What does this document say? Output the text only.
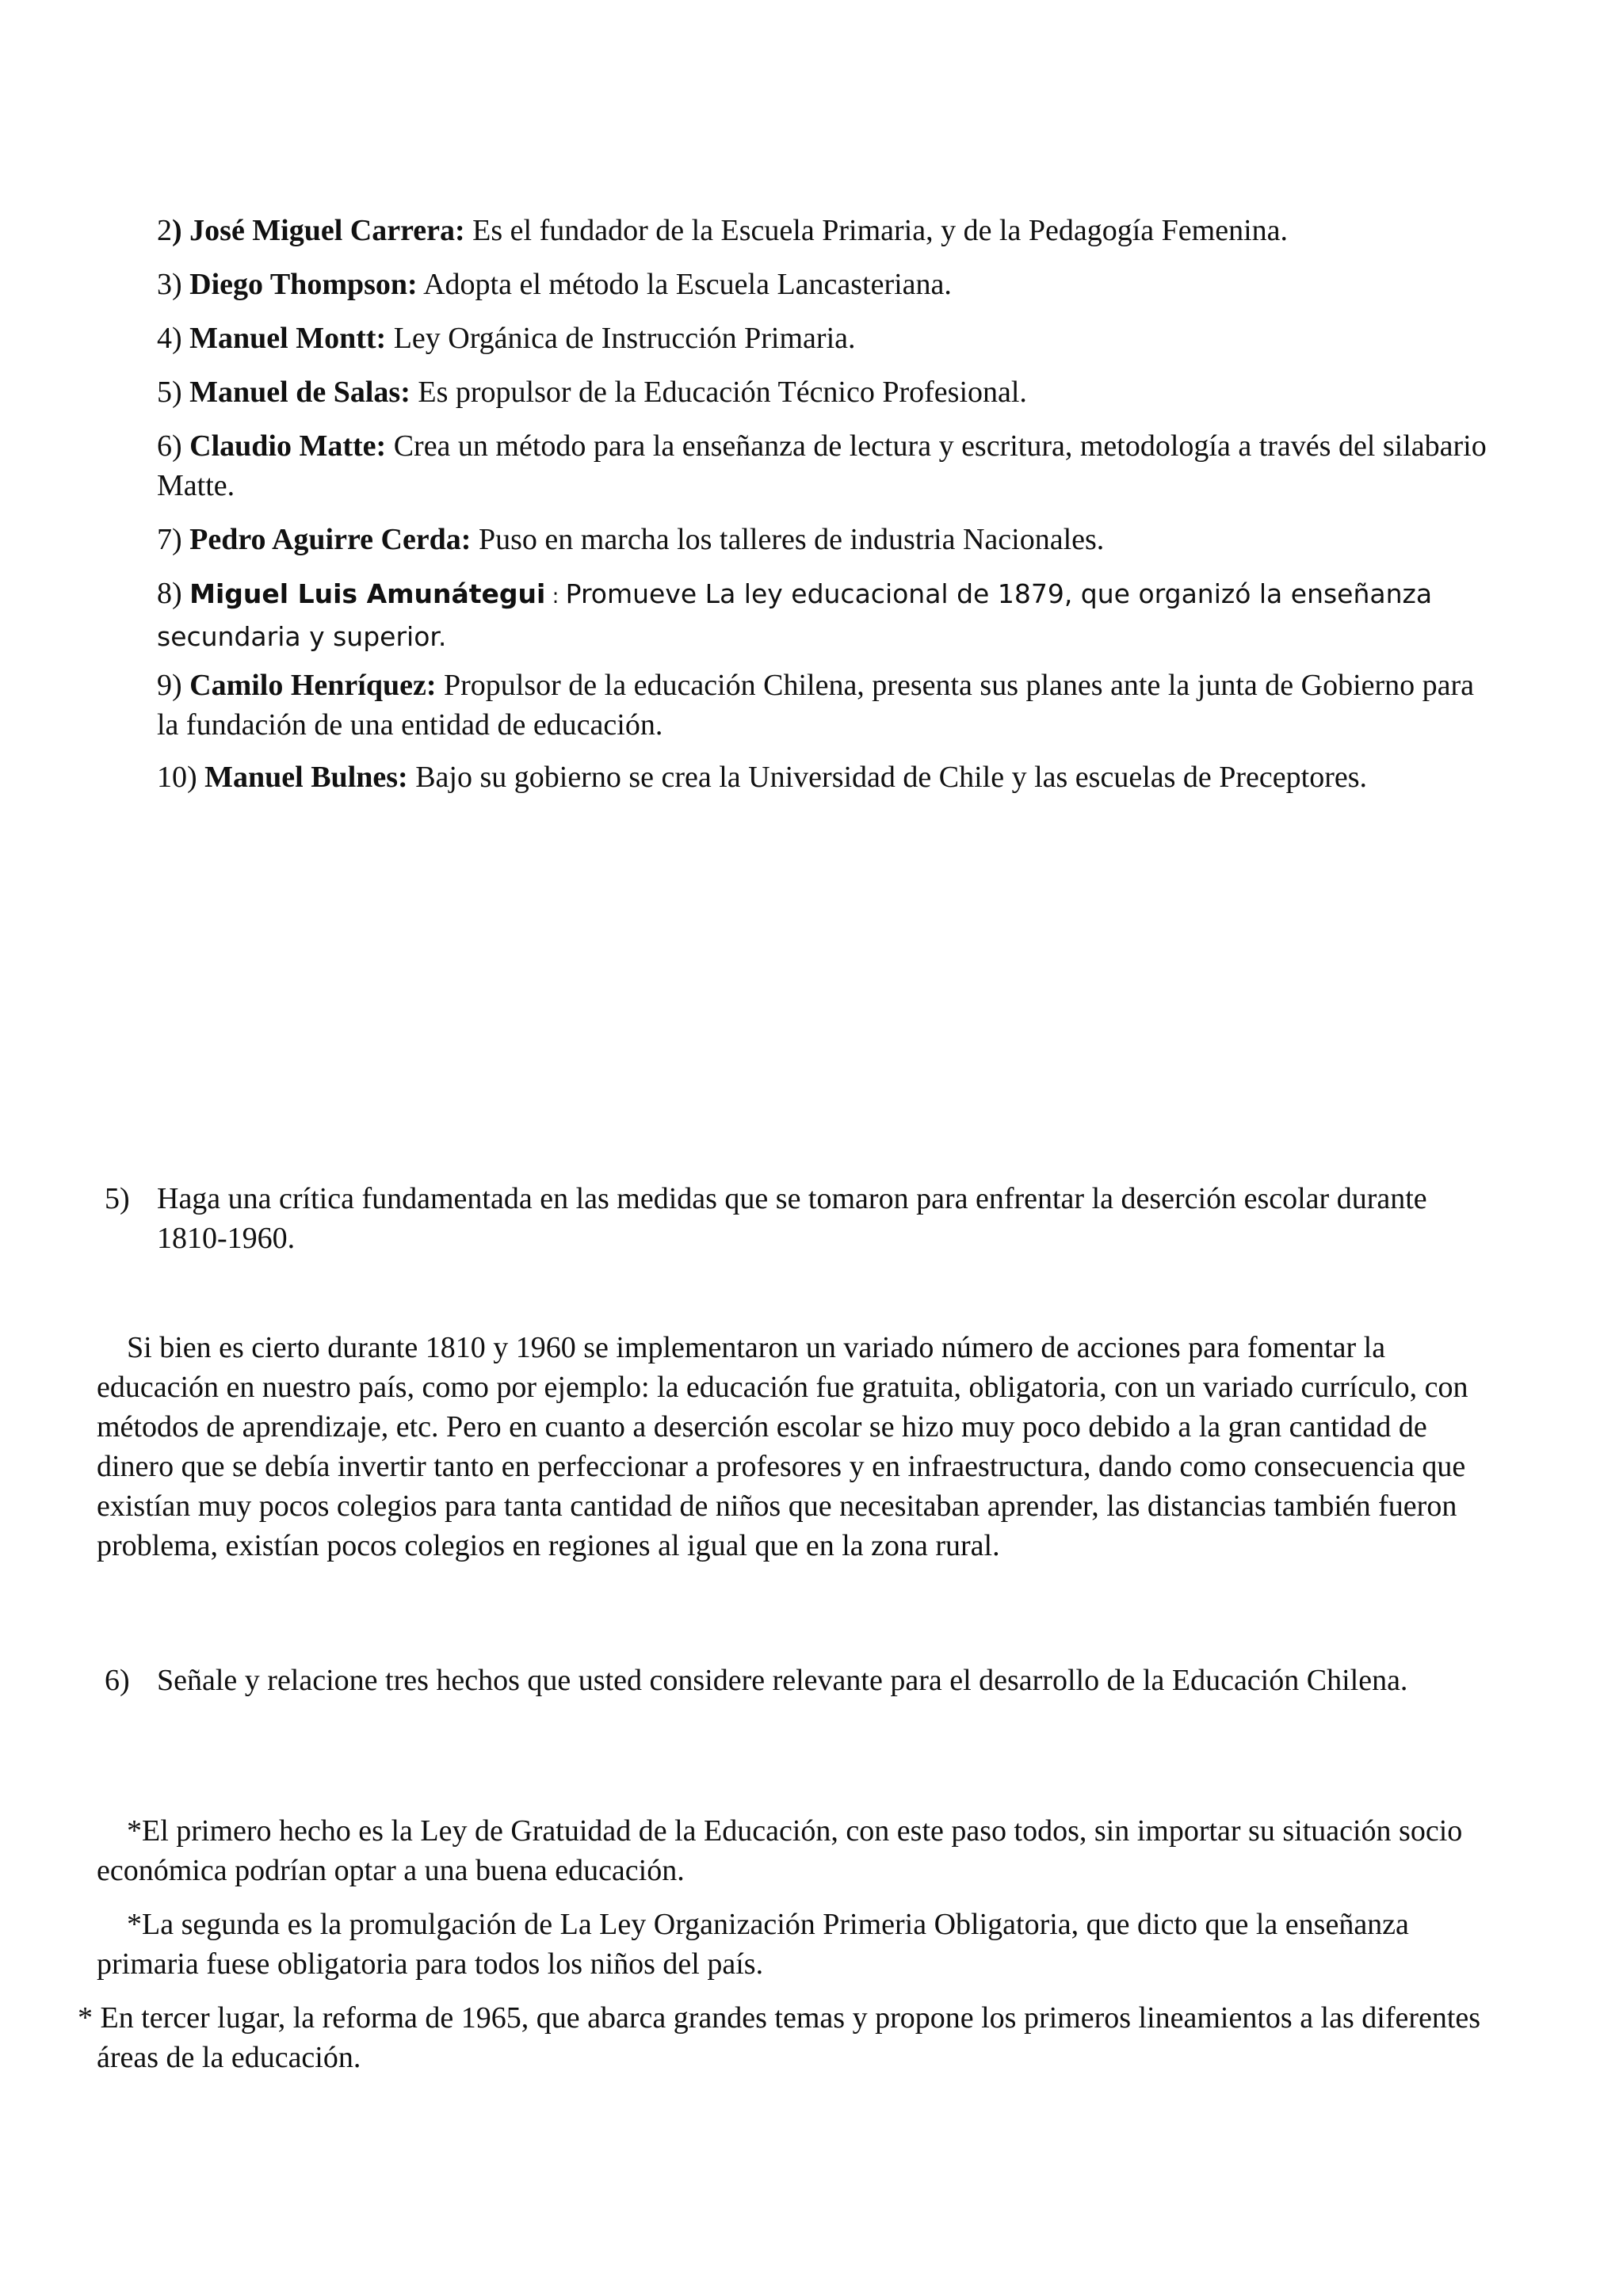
2) José Miguel Carrera: Es el fundador de la Escuela Primaria, y de la Pedagogía Femenina.

3) Diego Thompson: Adopta el método la Escuela Lancasteriana.

4) Manuel Montt: Ley Orgánica de Instrucción Primaria.

5) Manuel de Salas: Es propulsor de la Educación Técnico Profesional.

6) Claudio Matte: Crea un método para la enseñanza de lectura y escritura, metodología a través del silabario Matte.

7) Pedro Aguirre Cerda: Puso en marcha los talleres de industria Nacionales.

8) Miguel Luis Amunátegui : Promueve La ley educacional de 1879, que organizó la enseñanza secundaria y superior.

9) Camilo Henríquez: Propulsor de la educación Chilena, presenta sus planes ante la junta de Gobierno para la fundación de una entidad de educación.

10) Manuel Bulnes: Bajo su gobierno se crea la Universidad de Chile y las escuelas de Preceptores.

5) Haga una crítica fundamentada en las medidas que se tomaron para enfrentar la deserción escolar durante 1810-1960.

Si bien es cierto durante 1810 y 1960 se implementaron un variado número de acciones para fomentar la educación en nuestro país, como por ejemplo: la educación fue gratuita, obligatoria, con un variado currículo, con métodos de aprendizaje, etc. Pero en cuanto a deserción escolar se hizo muy poco debido a la gran cantidad de dinero que se debía invertir tanto en perfeccionar a profesores y en infraestructura, dando como consecuencia que existían muy pocos colegios para tanta cantidad de niños que necesitaban aprender, las distancias también fueron problema, existían pocos colegios en regiones al igual que en la zona rural.

6) Señale y relacione tres hechos que usted considere relevante para el desarrollo de la Educación Chilena.

*El primero hecho es la Ley de Gratuidad de la Educación, con este paso todos, sin importar su situación socio económica podrían optar a una buena educación.

*La segunda es la promulgación de La Ley Organización Primeria Obligatoria, que dicto que la enseñanza primaria fuese obligatoria para todos los niños del país.

* En tercer lugar, la reforma de 1965, que abarca grandes temas y propone los primeros lineamientos a las diferentes áreas de la educación.
